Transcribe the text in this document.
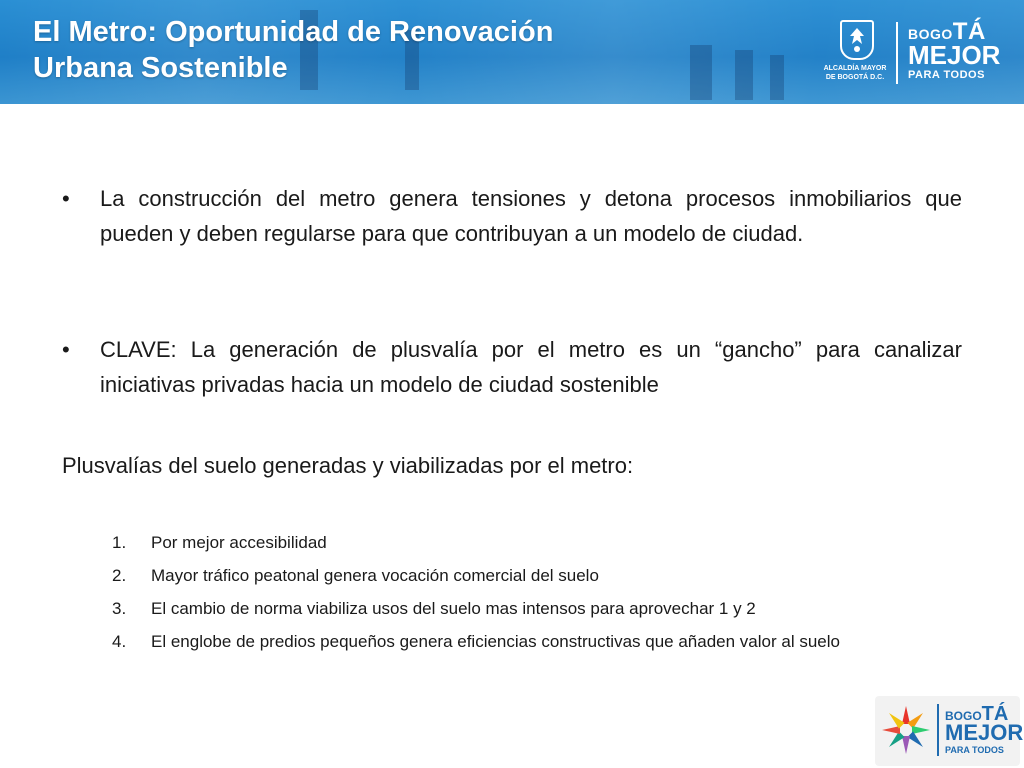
El Metro: Oportunidad de Renovación
Urbana Sostenible	ALCALDÍA MAYOR
DE BOGOTÁ D.C.
BOGOTÁ
MEJOR
PARA TODOS
• La construcción del metro genera tensiones y detona procesos inmobiliarios que pueden y deben regularse para que contribuyan a un modelo de ciudad.
• CLAVE: La generación de plusvalía por el metro es un “gancho” para canalizar iniciativas privadas hacia un modelo de ciudad sostenible
Plusvalías del suelo generadas y viabilizadas por el metro:
1. Por mejor accesibilidad
2. Mayor tráfico peatonal genera vocación comercial del suelo
3. El cambio de norma viabiliza usos del suelo mas intensos para aprovechar 1 y 2
4. El englobe de predios pequeños genera eficiencias constructivas que añaden valor al suelo
BOGOTÁ
MEJOR
PARA TODOS
